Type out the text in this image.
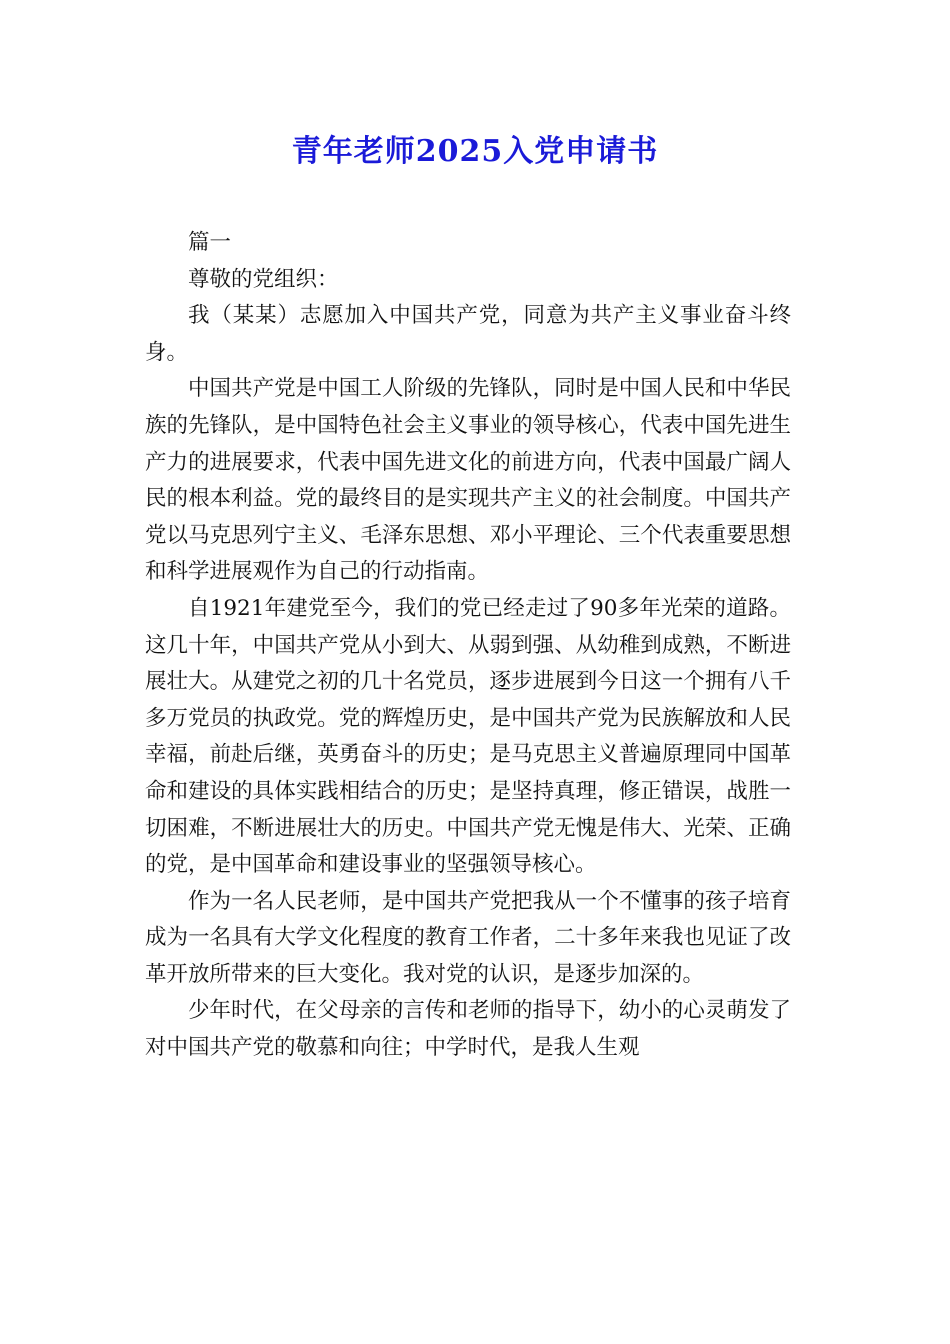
青年老师2025入党申请书

篇一

尊敬的党组织：

我（某某）志愿加入中国共产党，同意为共产主义事业奋斗终身。

中国共产党是中国工人阶级的先锋队，同时是中国人民和中华民族的先锋队，是中国特色社会主义事业的领导核心，代表中国先进生产力的进展要求，代表中国先进文化的前进方向，代表中国最广阔人民的根本利益。党的最终目的是实现共产主义的社会制度。中国共产党以马克思列宁主义、毛泽东思想、邓小平理论、三个代表重要思想和科学进展观作为自己的行动指南。

自1921年建党至今，我们的党已经走过了90多年光荣的道路。这几十年，中国共产党从小到大、从弱到强、从幼稚到成熟，不断进展壮大。从建党之初的几十名党员，逐步进展到今日这一个拥有八千多万党员的执政党。党的辉煌历史，是中国共产党为民族解放和人民幸福，前赴后继，英勇奋斗的历史；是马克思主义普遍原理同中国革命和建设的具体实践相结合的历史；是坚持真理，修正错误，战胜一切困难，不断进展壮大的历史。中国共产党无愧是伟大、光荣、正确的党，是中国革命和建设事业的坚强领导核心。

作为一名人民老师，是中国共产党把我从一个不懂事的孩子培育成为一名具有大学文化程度的教育工作者，二十多年来我也见证了改革开放所带来的巨大变化。我对党的认识，是逐步加深的。

少年时代，在父母亲的言传和老师的指导下，幼小的心灵萌发了对中国共产党的敬慕和向往；中学时代，是我人生观
